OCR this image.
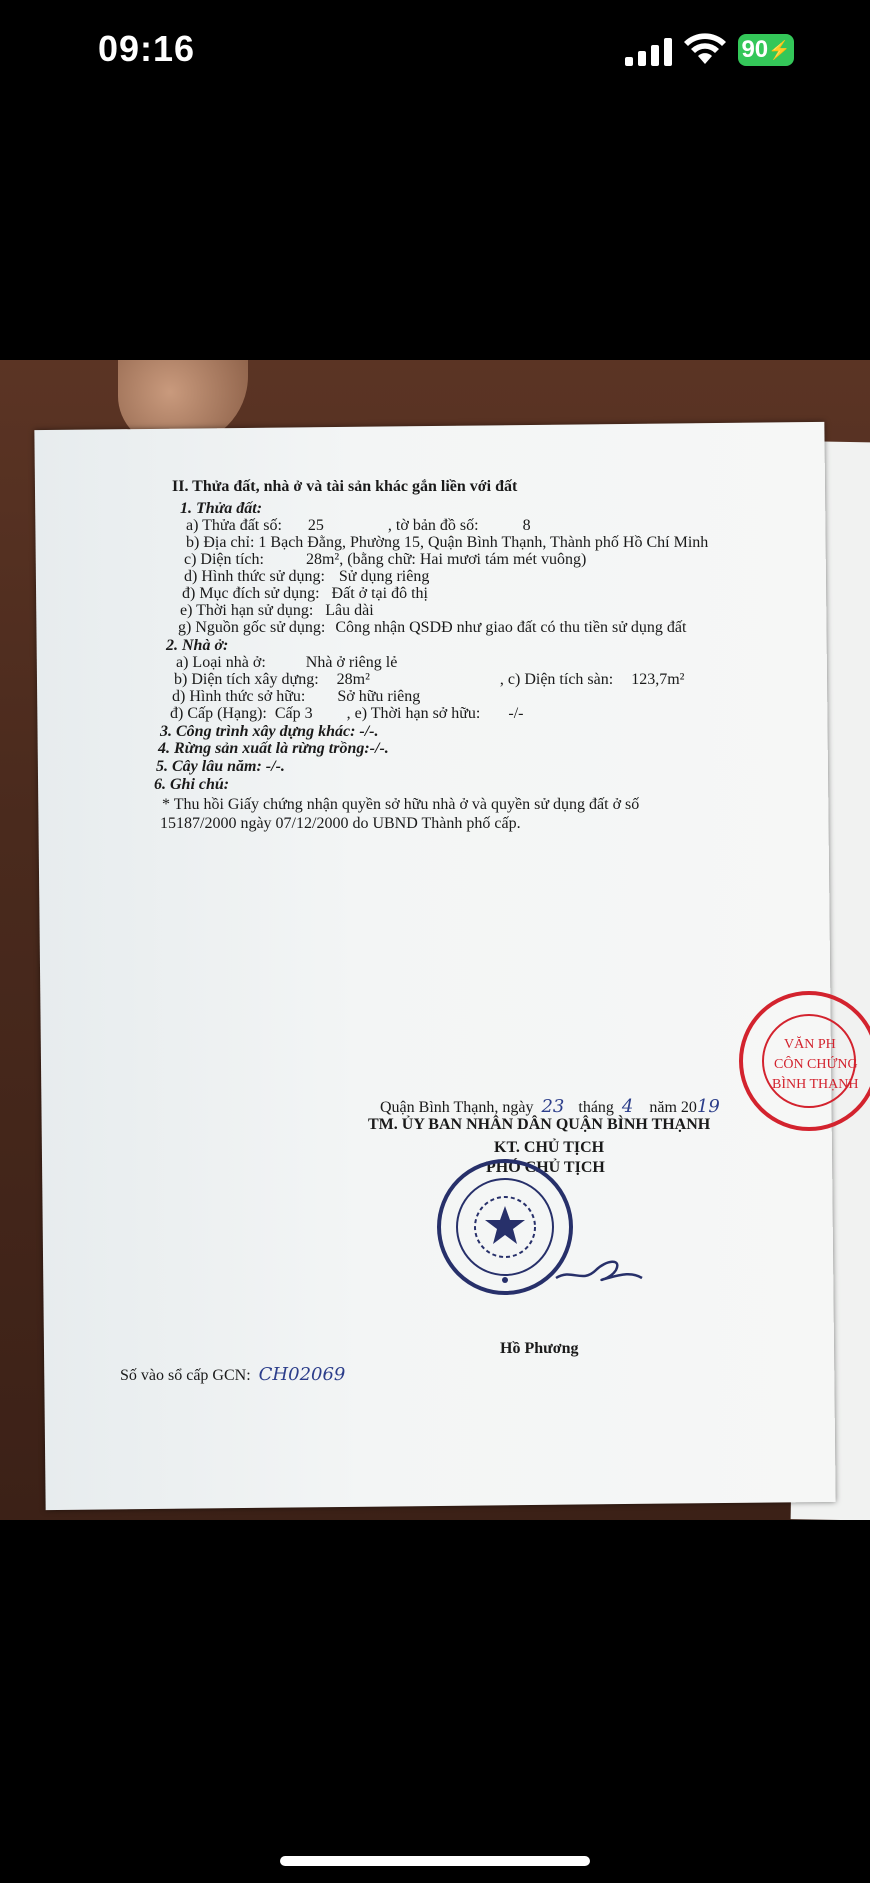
09:16	90 ⚡
II. Thửa đất, nhà ở và tài sản khác gắn liền với đất
1. Thửa đất:
a) Thửa đất số: 25	, tờ bản đồ số:	8
b) Địa chỉ: 1 Bạch Đằng, Phường 15, Quận Bình Thạnh, Thành phố Hồ Chí Minh
c) Diện tích:	28m², (bằng chữ: Hai mươi tám mét vuông)
d) Hình thức sử dụng: Sử dụng riêng
đ) Mục đích sử dụng: Đất ở tại đô thị
e) Thời hạn sử dụng: Lâu dài
g) Nguồn gốc sử dụng: Công nhận QSDĐ như giao đất có thu tiền sử dụng đất
2. Nhà ở:
a) Loại nhà ở:	Nhà ở riêng lẻ
b) Diện tích xây dựng: 28m²	, c) Diện tích sàn: 123,7m²
d) Hình thức sở hữu: Sở hữu riêng
đ) Cấp (Hạng): Cấp 3 , e) Thời hạn sở hữu: -/-
3. Công trình xây dựng khác: -/-.
4. Rừng sản xuất là rừng trồng:-/-.
5. Cây lâu năm: -/-.
6. Ghi chú:
* Thu hồi Giấy chứng nhận quyền sở hữu nhà ở và quyền sử dụng đất ở số
15187/2000 ngày 07/12/2000 do UBND Thành phố cấp.
Quận Bình Thạnh, ngày 23 tháng 4 năm 2019
TM. ỦY BAN NHÂN DÂN QUẬN BÌNH THẠNH
KT. CHỦ TỊCH
PHÓ CHỦ TỊCH
Hồ Phương
Số vào sổ cấp GCN: CH02069
VĂN PH
CÔN CHỨNG
BÌNH THẠNH
